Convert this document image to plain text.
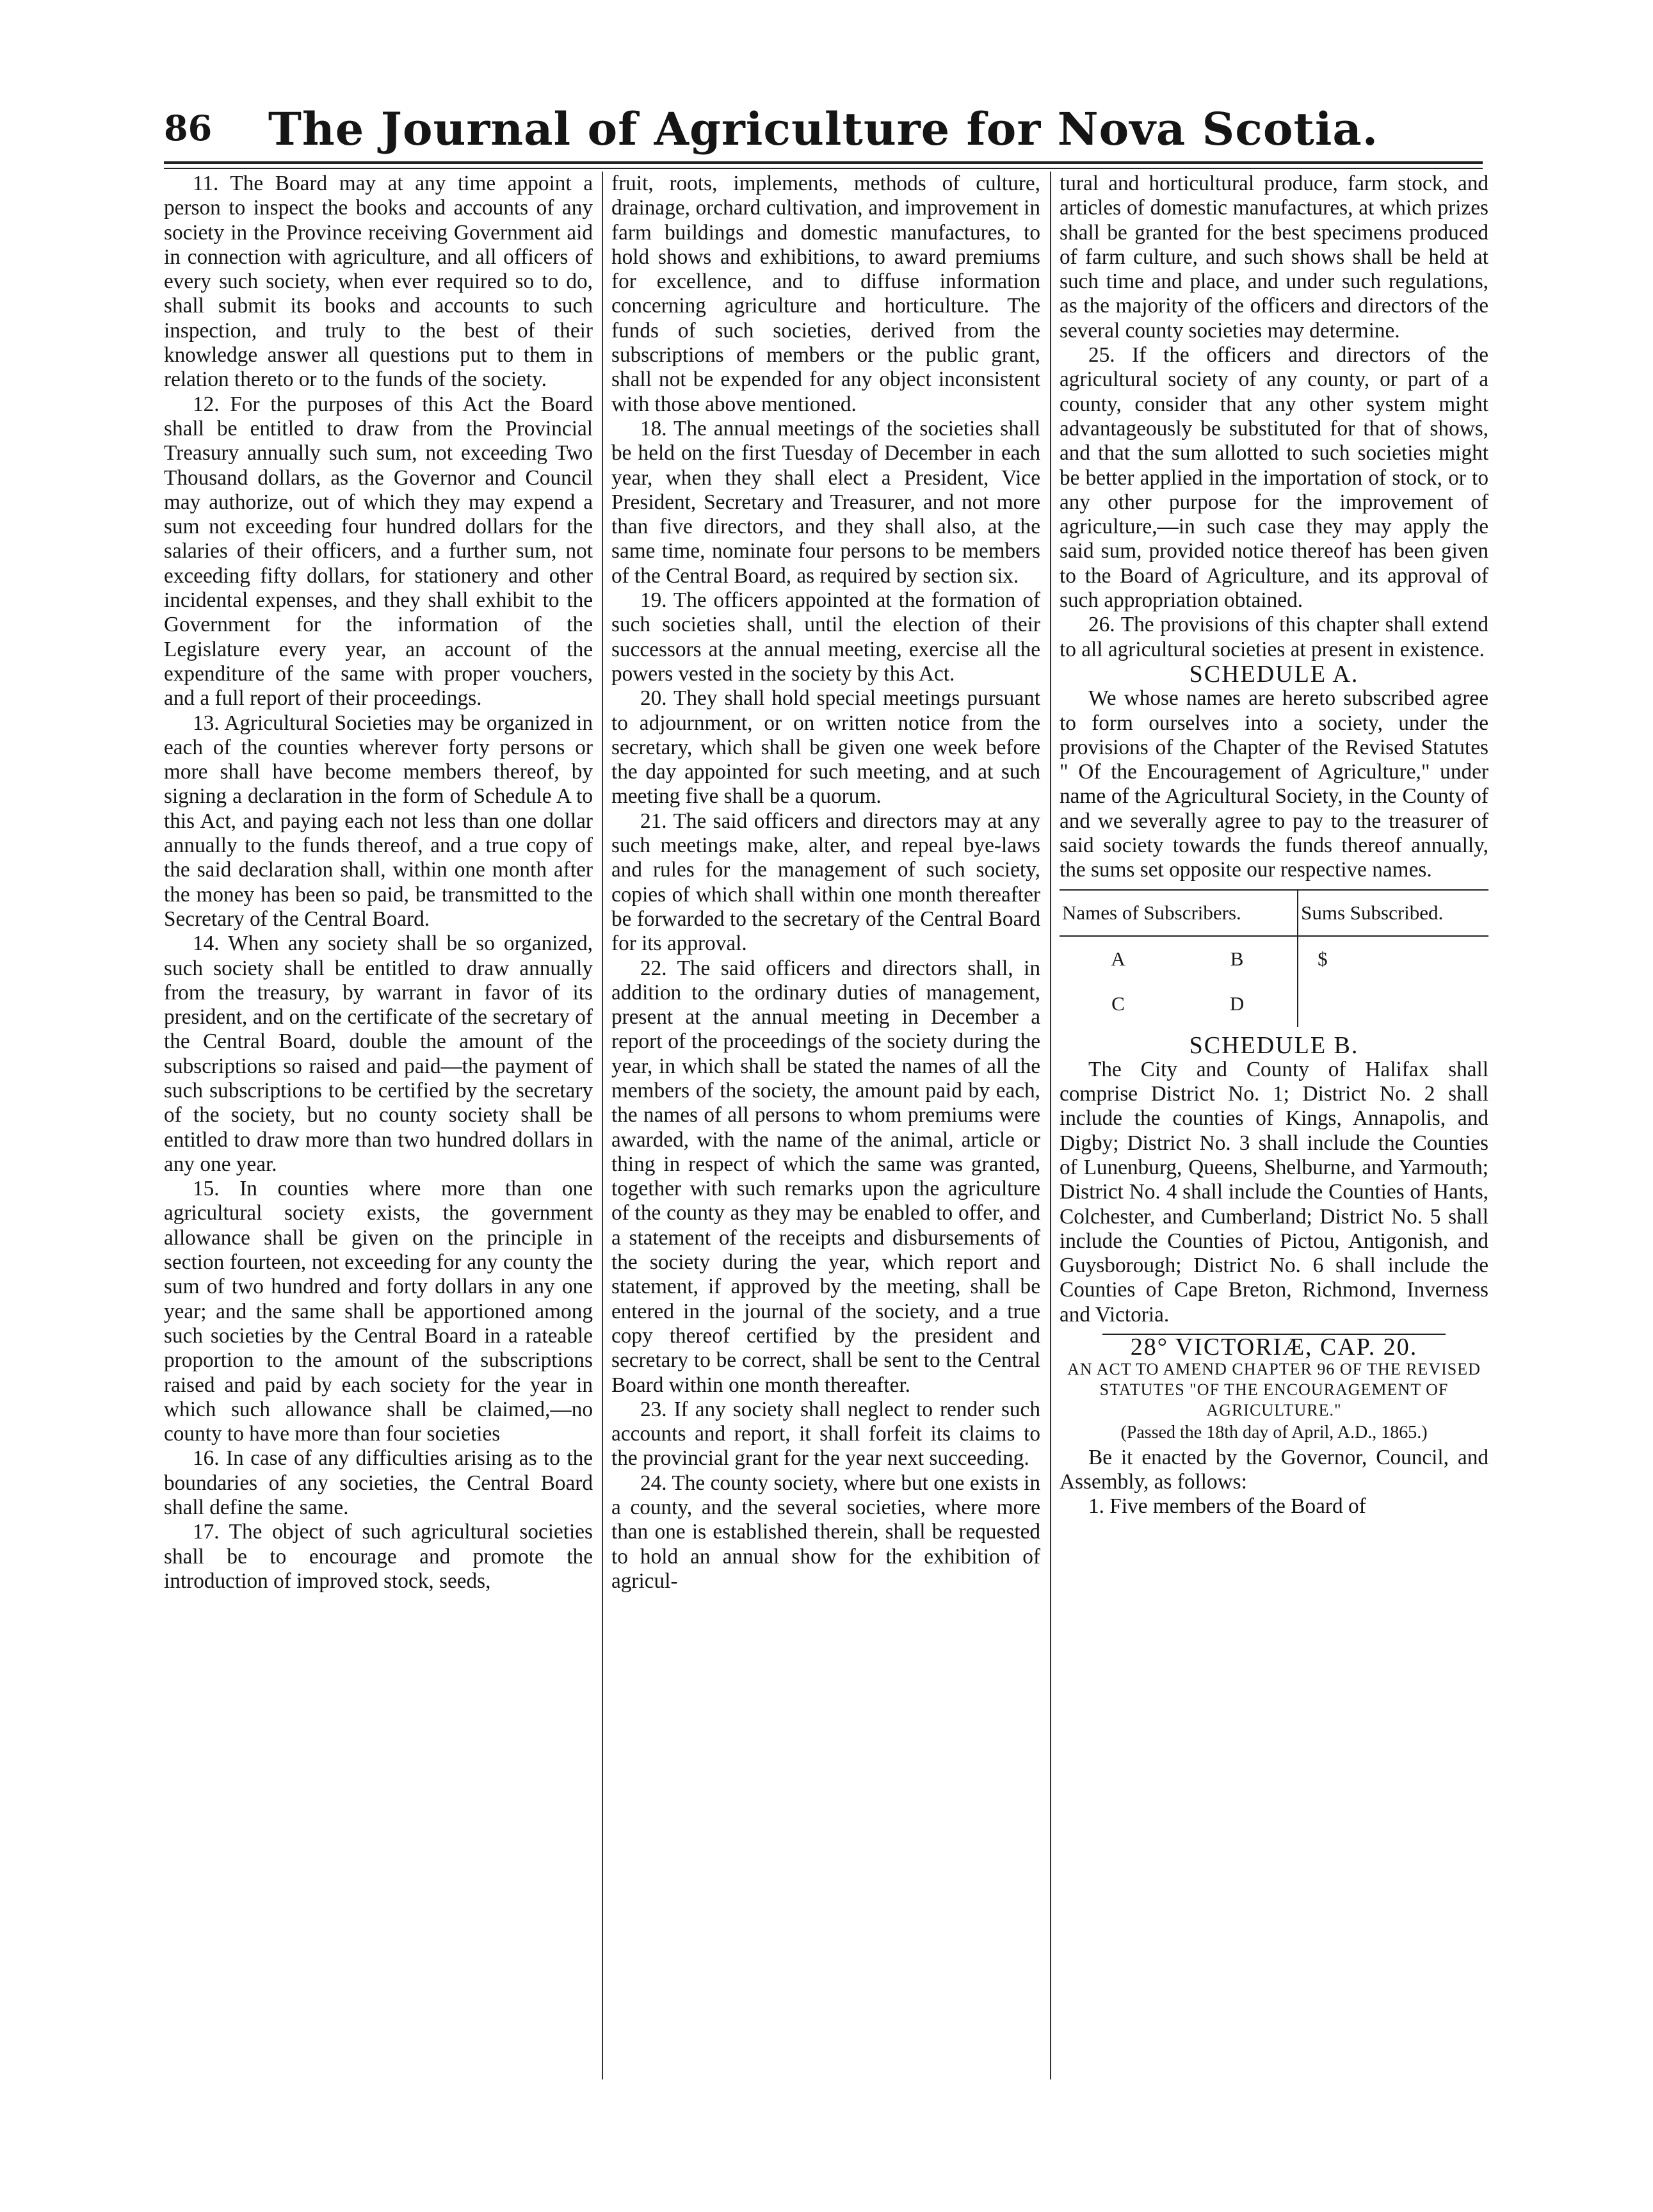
86	The Journal of Agriculture for Nova Scotia.

11. The Board may at any time appoint a person to inspect the books and accounts of any society in the Province receiving Government aid in connection with agriculture, and all officers of every such society, when ever required so to do, shall submit its books and accounts to such inspection, and truly to the best of their knowledge answer all questions put to them in relation thereto or to the funds of the society.

12. For the purposes of this Act the Board shall be entitled to draw from the Provincial Treasury annually such sum, not exceeding Two Thousand dollars, as the Governor and Council may authorize, out of which they may expend a sum not exceeding four hundred dollars for the salaries of their officers, and a further sum, not exceeding fifty dollars, for stationery and other incidental expenses, and they shall exhibit to the Government for the information of the Legislature every year, an account of the expenditure of the same with proper vouchers, and a full report of their proceedings.

13. Agricultural Societies may be organized in each of the counties wherever forty persons or more shall have become members thereof, by signing a declaration in the form of Schedule A to this Act, and paying each not less than one dollar annually to the funds thereof, and a true copy of the said declaration shall, within one month after the money has been so paid, be transmitted to the Secretary of the Central Board.

14. When any society shall be so organized, such society shall be entitled to draw annually from the treasury, by warrant in favor of its president, and on the certificate of the secretary of the Central Board, double the amount of the subscriptions so raised and paid—the payment of such subscriptions to be certified by the secretary of the society, but no county society shall be entitled to draw more than two hundred dollars in any one year.

15. In counties where more than one agricultural society exists, the government allowance shall be given on the principle in section fourteen, not exceeding for any county the sum of two hundred and forty dollars in any one year; and the same shall be apportioned among such societies by the Central Board in a rateable proportion to the amount of the subscriptions raised and paid by each society for the year in which such allowance shall be claimed,—no county to have more than four societies

16. In case of any difficulties arising as to the boundaries of any societies, the Central Board shall define the same.

17. The object of such agricultural societies shall be to encourage and promote the introduction of improved stock, seeds,

fruit, roots, implements, methods of culture, drainage, orchard cultivation, and improvement in farm buildings and domestic manufactures, to hold shows and exhibitions, to award premiums for excellence, and to diffuse information concerning agriculture and horticulture. The funds of such societies, derived from the subscriptions of members or the public grant, shall not be expended for any object inconsistent with those above mentioned.

18. The annual meetings of the societies shall be held on the first Tuesday of December in each year, when they shall elect a President, Vice President, Secretary and Treasurer, and not more than five directors, and they shall also, at the same time, nominate four persons to be members of the Central Board, as required by section six.

19. The officers appointed at the formation of such societies shall, until the election of their successors at the annual meeting, exercise all the powers vested in the society by this Act.

20. They shall hold special meetings pursuant to adjournment, or on written notice from the secretary, which shall be given one week before the day appointed for such meeting, and at such meeting five shall be a quorum.

21. The said officers and directors may at any such meetings make, alter, and repeal bye-laws and rules for the management of such society, copies of which shall within one month thereafter be forwarded to the secretary of the Central Board for its approval.

22. The said officers and directors shall, in addition to the ordinary duties of management, present at the annual meeting in December a report of the proceedings of the society during the year, in which shall be stated the names of all the members of the society, the amount paid by each, the names of all persons to whom premiums were awarded, with the name of the animal, article or thing in respect of which the same was granted, together with such remarks upon the agriculture of the county as they may be enabled to offer, and a statement of the receipts and disbursements of the society during the year, which report and statement, if approved by the meeting, shall be entered in the journal of the society, and a true copy thereof certified by the president and secretary to be correct, shall be sent to the Central Board within one month thereafter.

23. If any society shall neglect to render such accounts and report, it shall forfeit its claims to the provincial grant for the year next succeeding.

24. The county society, where but one exists in a county, and the several societies, where more than one is established therein, shall be requested to hold an annual show for the exhibition of agricul-

tural and horticultural produce, farm stock, and articles of domestic manufactures, at which prizes shall be granted for the best specimens produced of farm culture, and such shows shall be held at such time and place, and under such regulations, as the majority of the officers and directors of the several county societies may determine.

25. If the officers and directors of the agricultural society of any county, or part of a county, consider that any other system might advantageously be substituted for that of shows, and that the sum allotted to such societies might be better applied in the importation of stock, or to any other purpose for the improvement of agriculture,—in such case they may apply the said sum, provided notice thereof has been given to the Board of Agriculture, and its approval of such appropriation obtained.

26. The provisions of this chapter shall extend to all agricultural societies at present in existence.

SCHEDULE A.

We whose names are hereto subscribed agree to form ourselves into a society, under the provisions of the Chapter of the Revised Statutes " Of the Encouragement of Agriculture," under name of the Agricultural Society, in the County of and we severally agree to pay to the treasurer of said society towards the funds thereof annually, the sums set opposite our respective names.

Names of Subscribers.		Sums Subscribed.
A	B	$
C	D	

SCHEDULE B.

The City and County of Halifax shall comprise District No. 1; District No. 2 shall include the counties of Kings, Annapolis, and Digby; District No. 3 shall include the Counties of Lunenburg, Queens, Shelburne, and Yarmouth; District No. 4 shall include the Counties of Hants, Colchester, and Cumberland; District No. 5 shall include the Counties of Pictou, Antigonish, and Guysborough; District No. 6 shall include the Counties of Cape Breton, Richmond, Inverness and Victoria.

28° VICTORIÆ, CAP. 20.

AN ACT TO AMEND CHAPTER 96 OF THE REVISED STATUTES "OF THE ENCOURAGEMENT OF AGRICULTURE."

(Passed the 18th day of April, A.D., 1865.)

Be it enacted by the Governor, Council, and Assembly, as follows:

1. Five members of the Board of
